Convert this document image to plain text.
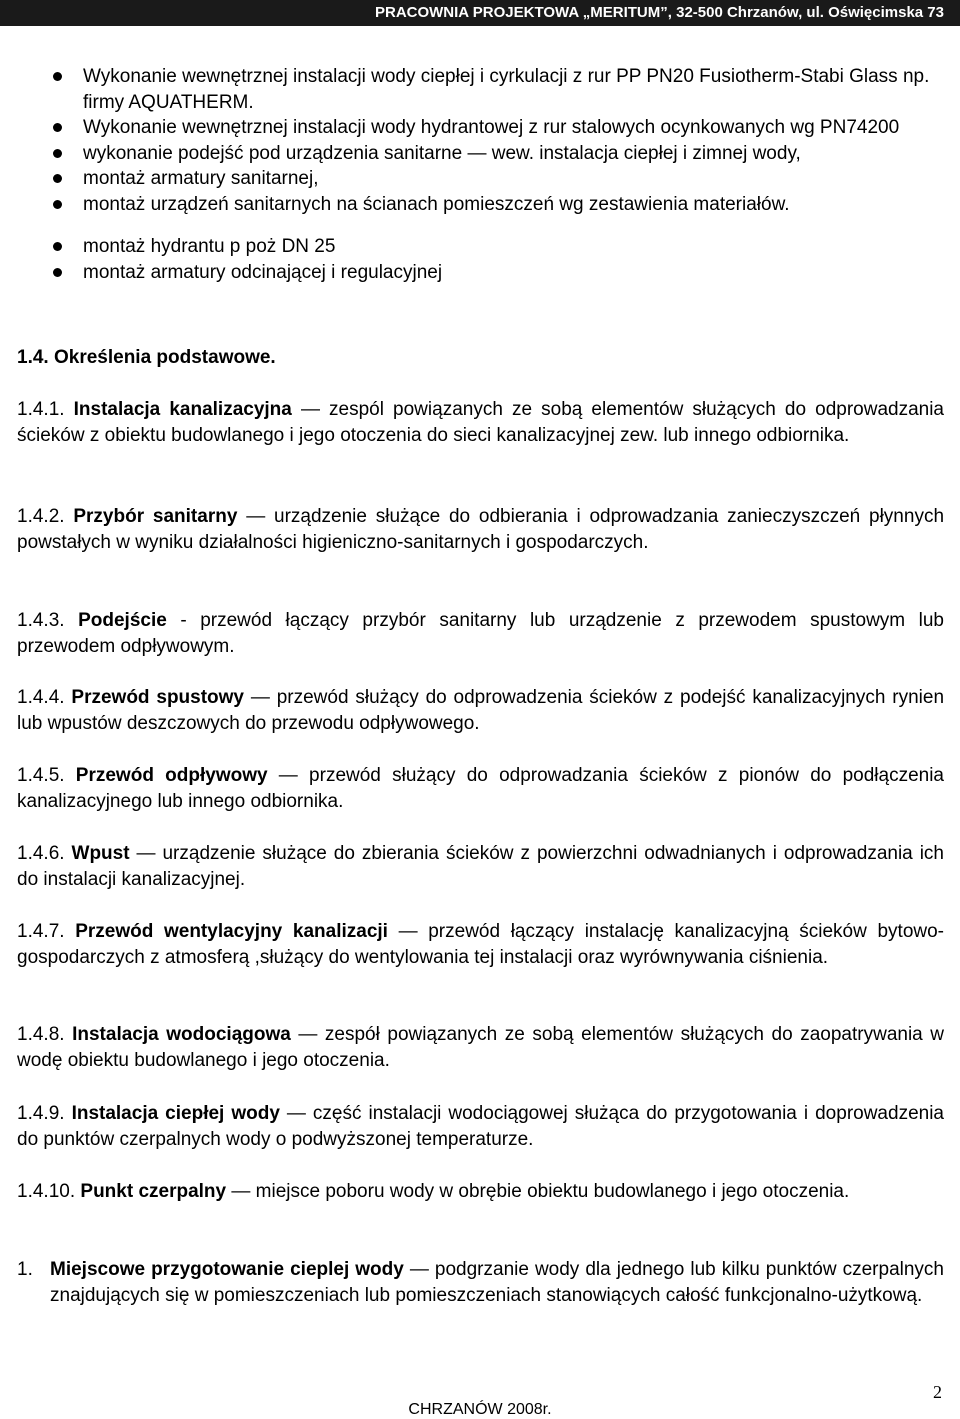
PRACOWNIA PROJEKTOWA „MERITUM”, 32-500 Chrzanów, ul. Oświęcimska 73
Wykonanie wewnętrznej instalacji wody ciepłej i cyrkulacji z rur PP PN20 Fusiotherm-Stabi Glass np. firmy AQUATHERM.
Wykonanie wewnętrznej instalacji wody hydrantowej z rur stalowych ocynkowanych wg PN74200
wykonanie podejść pod urządzenia sanitarne — wew. instalacja ciepłej i zimnej wody,
montaż armatury sanitarnej,
montaż urządzeń sanitarnych na ścianach pomieszczeń wg zestawienia materiałów.
montaż hydrantu p poż DN 25
montaż armatury odcinającej i regulacyjnej
1.4. Określenia podstawowe.
1.4.1. Instalacja kanalizacyjna — zespól powiązanych ze sobą elementów służących do odprowadzania ścieków z obiektu budowlanego i jego otoczenia do sieci kanalizacyjnej zew. lub innego odbiornika.
1.4.2. Przybór sanitarny — urządzenie służące do odbierania i odprowadzania zanieczyszczeń płynnych powstałych w wyniku działalności higieniczno-sanitarnych i gospodarczych.
1.4.3. Podejście - przewód łączący przybór sanitarny lub urządzenie z przewodem spustowym lub przewodem odpływowym.
1.4.4. Przewód spustowy — przewód służący do odprowadzenia ścieków z podejść kanalizacyjnych rynien lub wpustów deszczowych do przewodu odpływowego.
1.4.5. Przewód odpływowy — przewód służący do odprowadzania ścieków z pionów do podłączenia kanalizacyjnego lub innego odbiornika.
1.4.6. Wpust — urządzenie służące do zbierania ścieków z powierzchni odwadnianych i odprowadzania ich do instalacji kanalizacyjnej.
1.4.7. Przewód wentylacyjny kanalizacji — przewód łączący instalację kanalizacyjną ścieków bytowo-gospodarczych z atmosferą ,służący do wentylowania tej instalacji oraz wyrównywania ciśnienia.
1.4.8. Instalacja wodociągowa — zespół powiązanych ze sobą elementów służących do zaopatrywania w wodę obiektu budowlanego i jego otoczenia.
1.4.9. Instalacja ciepłej wody — część instalacji wodociągowej służąca do przygotowania i doprowadzenia do punktów czerpalnych wody o podwyższonej temperaturze.
1.4.10. Punkt czerpalny — miejsce poboru wody w obrębie obiektu budowlanego i jego otoczenia.
1. Miejscowe przygotowanie cieplej wody — podgrzanie wody dla jednego lub kilku punktów czerpalnych znajdujących się w pomieszczeniach lub pomieszczeniach stanowiących całość funkcjonalno-użytkową.
2
CHRZANÓW 2008r.
